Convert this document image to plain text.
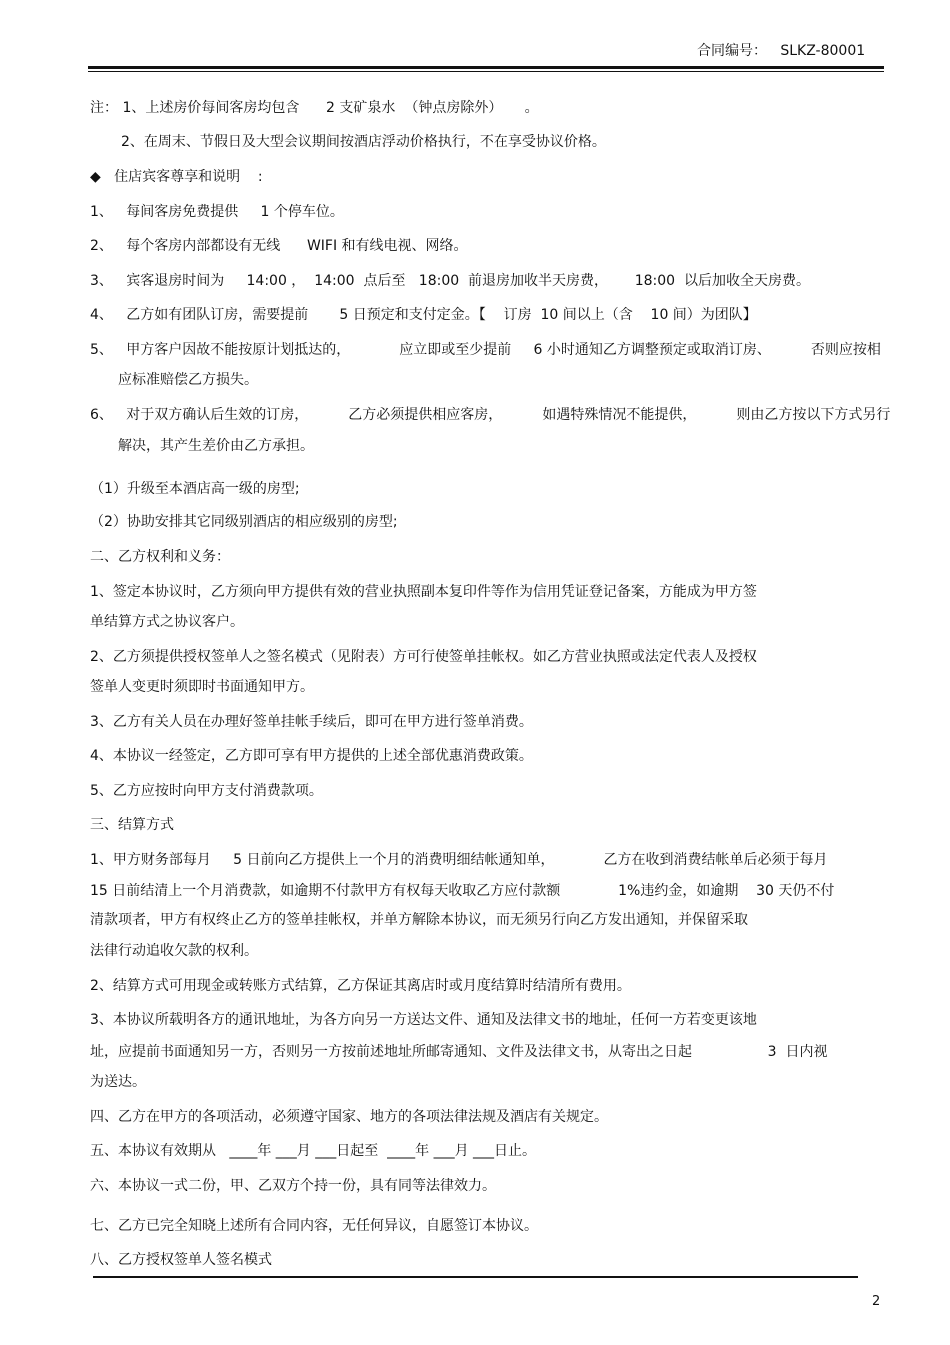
合同编号：   SLKZ-80001
注： 1、上述房价每间客房均包含      2 支矿泉水  （钟点房除外）     。
2、在周末、节假日及大型会议期间按酒店浮动价格执行，不在享受协议价格。
◆   住店宾客尊享和说明    :
1、   每间客房免费提供     1 个停车位。
2、   每个客房内部都设有无线      WIFI 和有线电视、网络。
3、   宾客退房时间为     14:00 ，  14:00  点后至   18:00  前退房加收半天房费，      18:00  以后加收全天房费。
4、   乙方如有团队订房，需要提前       5 日预定和支付定金。【    订房  10 间以上（含    10 间）为团队】
5、   甲方客户因故不能按原计划抵达的，           应立即或至少提前     6 小时通知乙方调整预定或取消订房、         否则应按相
应标准赔偿乙方损失。
6、   对于双方确认后生效的订房，         乙方必须提供相应客房，         如遇特殊情况不能提供，         则由乙方按以下方式另行
解决，其产生差价由乙方承担。
（1）升级至本酒店高一级的房型;
（2）协助安排其它同级别酒店的相应级别的房型;
二、乙方权利和义务：
1、签定本协议时，乙方须向甲方提供有效的营业执照副本复印件等作为信用凭证登记备案，方能成为甲方签
单结算方式之协议客户。
2、乙方须提供授权签单人之签名模式（见附表）方可行使签单挂帐权。如乙方营业执照或法定代表人及授权
签单人变更时须即时书面通知甲方。
3、乙方有关人员在办理好签单挂帐手续后，即可在甲方进行签单消费。
4、本协议一经签定，乙方即可享有甲方提供的上述全部优惠消费政策。
5、乙方应按时向甲方支付消费款项。
三、结算方式
1、甲方财务部每月     5 日前向乙方提供上一个月的消费明细结帐通知单，           乙方在收到消费结帐单后必须于每月
15 日前结清上一个月消费款，如逾期不付款甲方有权每天收取乙方应付款额             1%违约金，如逾期    30 天仍不付
清款项者，甲方有权终止乙方的签单挂帐权，并单方解除本协议，而无须另行向乙方发出通知，并保留采取
法律行动追收欠款的权利。
2、结算方式可用现金或转账方式结算，乙方保证其离店时或月度结算时结清所有费用。
3、本协议所载明各方的通讯地址，为各方向另一方送达文件、通知及法律文书的地址，任何一方若变更该地
址，应提前书面通知另一方，否则另一方按前述地址所邮寄通知、文件及法律文书，从寄出之日起                 3  日内视
为送达。
四、乙方在甲方的各项活动，必须遵守国家、地方的各项法律法规及酒店有关规定。
五、本协议有效期从   ____年 ___月 ___日起至  ____年 ___月 ___日止。
六、本协议一式二份，甲、乙双方个持一份，具有同等法律效力。
七、乙方已完全知晓上述所有合同内容，无任何异议，自愿签订本协议。
八、乙方授权签单人签名模式
2
